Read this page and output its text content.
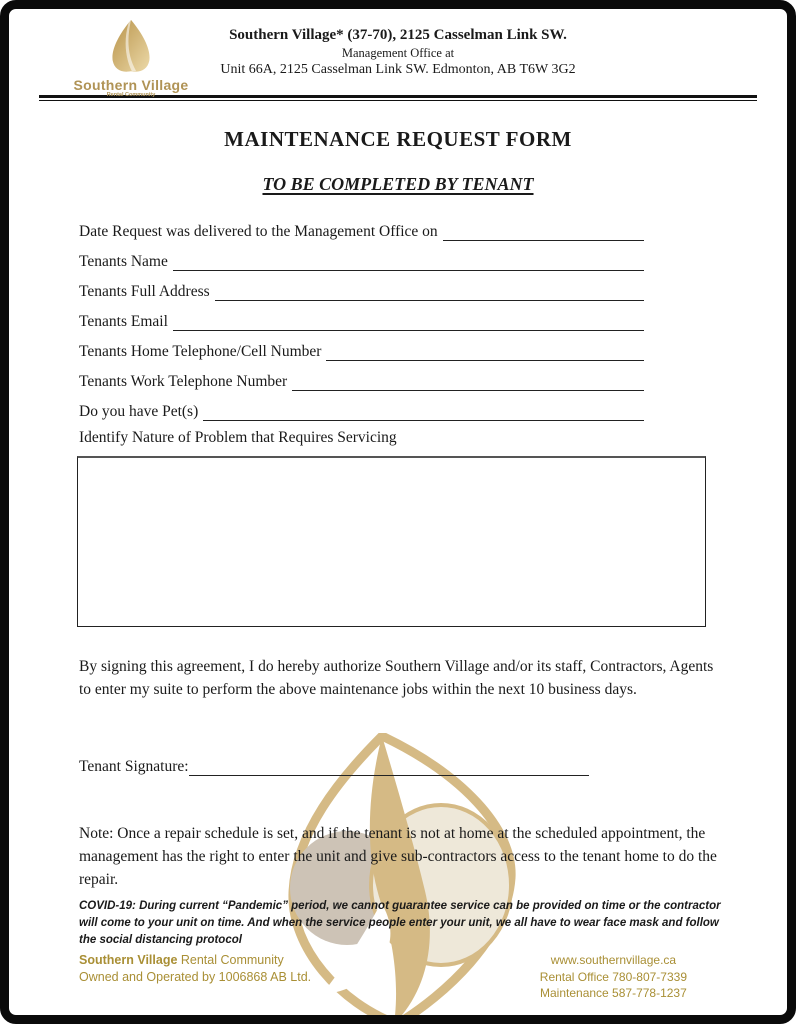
Southern Village
Rental Community
Southern Village* (37-70), 2125 Casselman Link SW.
Management Office at
Unit 66A, 2125 Casselman Link SW. Edmonton, AB T6W 3G2
MAINTENANCE REQUEST FORM
TO BE COMPLETED BY TENANT
Date Request was delivered to the Management Office on
Tenants Name
Tenants Full Address
Tenants Email
Tenants Home Telephone/Cell Number
Tenants Work Telephone Number
Do you have Pet(s)
Identify Nature of Problem that Requires Servicing

By signing this agreement, I do hereby authorize Southern Village and/or its staff, Contractors, Agents to enter my suite to perform the above maintenance jobs within the next 10 business days.

Tenant Signature:

Note: Once a repair schedule is set, and if the tenant is not at home at the scheduled appointment, the management has the right to enter the unit and give sub-contractors access to the tenant home to do the repair.

COVID-19: During current “Pandemic” period, we cannot guarantee service can be provided on time or the contractor will come to your unit on time. And when the service people enter your unit, we all have to wear face mask and follow the social distancing protocol

Southern Village Rental Community
Owned and Operated by 1006868 AB Ltd.
www.southernvillage.ca
Rental Office 780-807-7339
Maintenance 587-778-1237
